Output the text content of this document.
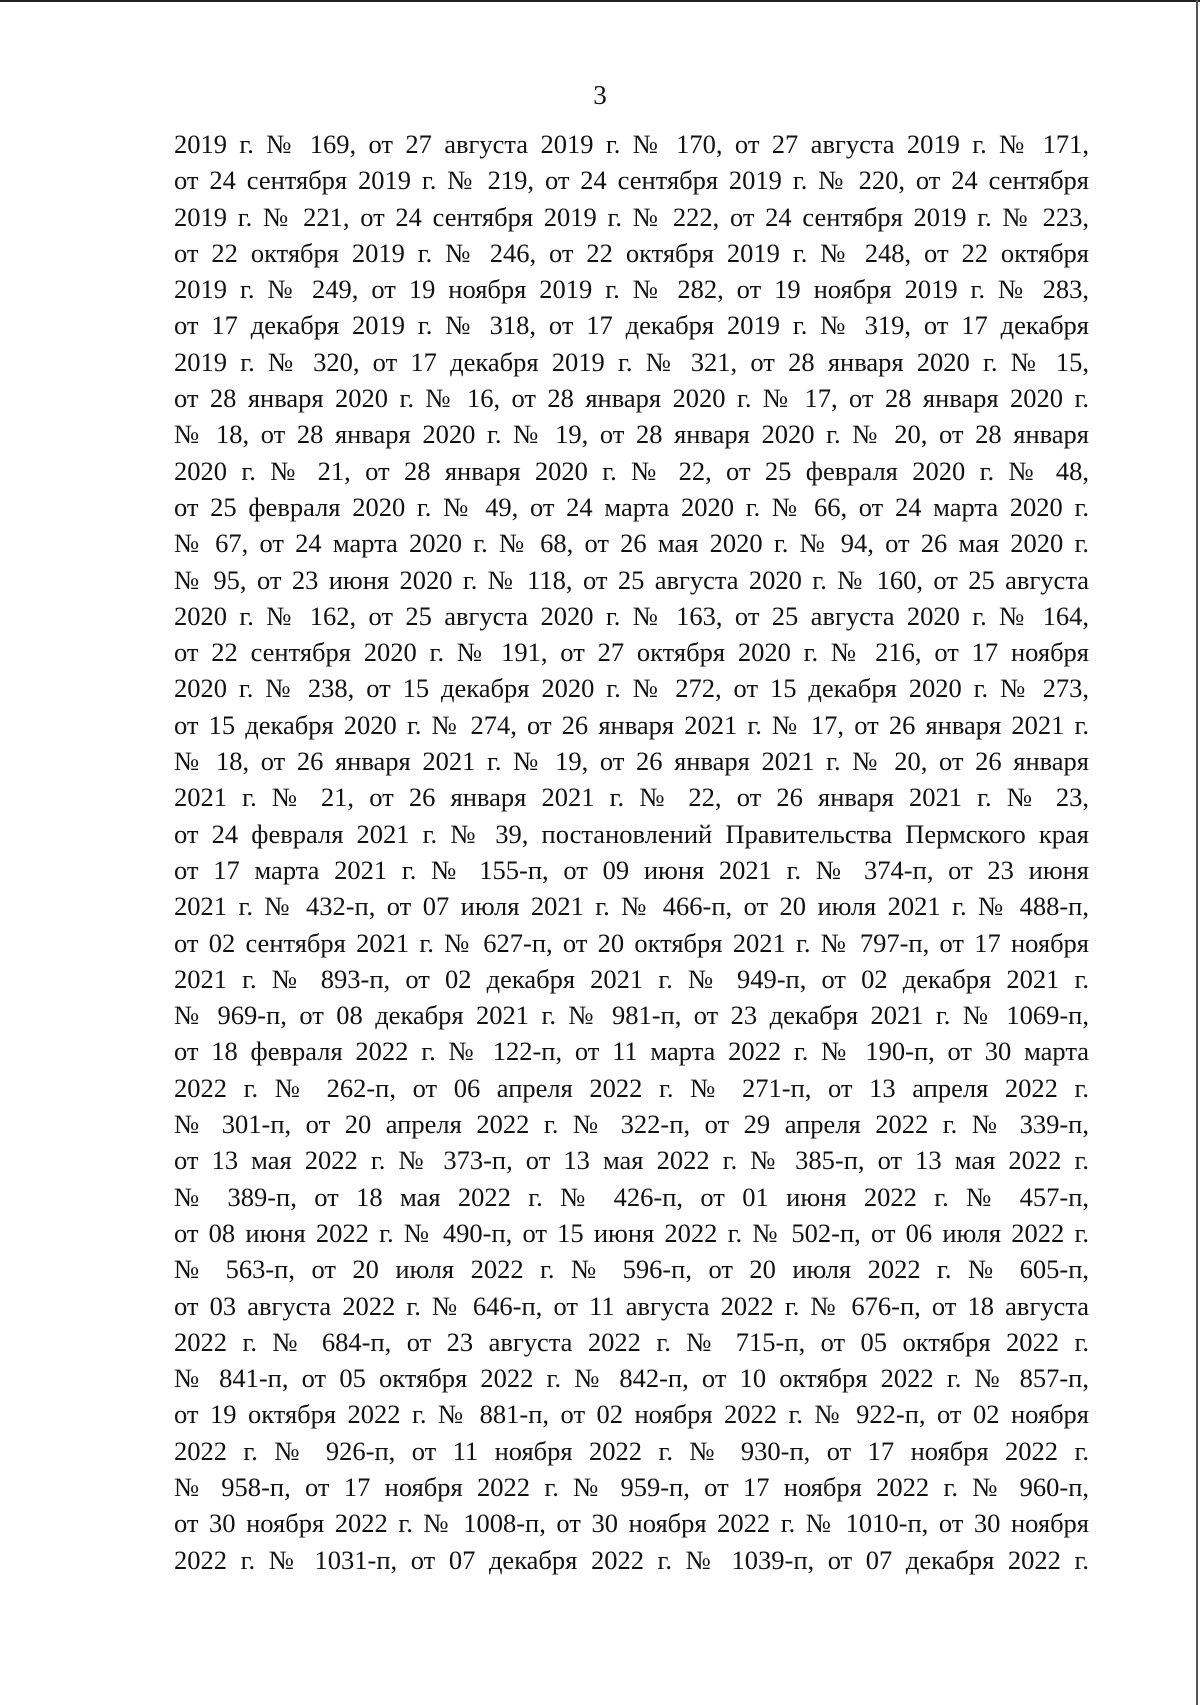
3
2019 г. № 169, от 27 августа 2019 г. № 170, от 27 августа 2019 г. № 171,
от 24 сентября 2019 г. № 219, от 24 сентября 2019 г. № 220, от 24 сентября
2019 г. № 221, от 24 сентября 2019 г. № 222, от 24 сентября 2019 г. № 223,
от 22 октября 2019 г. № 246, от 22 октября 2019 г. № 248, от 22 октября
2019 г. № 249, от 19 ноября 2019 г. № 282, от 19 ноября 2019 г. № 283,
от 17 декабря 2019 г. № 318, от 17 декабря 2019 г. № 319, от 17 декабря
2019 г. № 320, от 17 декабря 2019 г. № 321, от 28 января 2020 г. № 15,
от 28 января 2020 г. № 16, от 28 января 2020 г. № 17, от 28 января 2020 г.
№ 18, от 28 января 2020 г. № 19, от 28 января 2020 г. № 20, от 28 января
2020 г. № 21, от 28 января 2020 г. № 22, от 25 февраля 2020 г. № 48,
от 25 февраля 2020 г. № 49, от 24 марта 2020 г. № 66, от 24 марта 2020 г.
№ 67, от 24 марта 2020 г. № 68, от 26 мая 2020 г. № 94, от 26 мая 2020 г.
№ 95, от 23 июня 2020 г. № 118, от 25 августа 2020 г. № 160, от 25 августа
2020 г. № 162, от 25 августа 2020 г. № 163, от 25 августа 2020 г. № 164,
от 22 сентября 2020 г. № 191, от 27 октября 2020 г. № 216, от 17 ноября
2020 г. № 238, от 15 декабря 2020 г. № 272, от 15 декабря 2020 г. № 273,
от 15 декабря 2020 г. № 274, от 26 января 2021 г. № 17, от 26 января 2021 г.
№ 18, от 26 января 2021 г. № 19, от 26 января 2021 г. № 20, от 26 января
2021 г. № 21, от 26 января 2021 г. № 22, от 26 января 2021 г. № 23,
от 24 февраля 2021 г. № 39, постановлений Правительства Пермского края
от 17 марта 2021 г. № 155-п, от 09 июня 2021 г. № 374-п, от 23 июня
2021 г. № 432-п, от 07 июля 2021 г. № 466-п, от 20 июля 2021 г. № 488-п,
от 02 сентября 2021 г. № 627-п, от 20 октября 2021 г. № 797-п, от 17 ноября
2021 г. № 893-п, от 02 декабря 2021 г. № 949-п, от 02 декабря 2021 г.
№ 969-п, от 08 декабря 2021 г. № 981-п, от 23 декабря 2021 г. № 1069-п,
от 18 февраля 2022 г. № 122-п, от 11 марта 2022 г. № 190-п, от 30 марта
2022 г. № 262-п, от 06 апреля 2022 г. № 271-п, от 13 апреля 2022 г.
№ 301-п, от 20 апреля 2022 г. № 322-п, от 29 апреля 2022 г. № 339-п,
от 13 мая 2022 г. № 373-п, от 13 мая 2022 г. № 385-п, от 13 мая 2022 г.
№ 389-п, от 18 мая 2022 г. № 426-п, от 01 июня 2022 г. № 457-п,
от 08 июня 2022 г. № 490-п, от 15 июня 2022 г. № 502-п, от 06 июля 2022 г.
№ 563-п, от 20 июля 2022 г. № 596-п, от 20 июля 2022 г. № 605-п,
от 03 августа 2022 г. № 646-п, от 11 августа 2022 г. № 676-п, от 18 августа
2022 г. № 684-п, от 23 августа 2022 г. № 715-п, от 05 октября 2022 г.
№ 841-п, от 05 октября 2022 г. № 842-п, от 10 октября 2022 г. № 857-п,
от 19 октября 2022 г. № 881-п, от 02 ноября 2022 г. № 922-п, от 02 ноября
2022 г. № 926-п, от 11 ноября 2022 г. № 930-п, от 17 ноября 2022 г.
№ 958-п, от 17 ноября 2022 г. № 959-п, от 17 ноября 2022 г. № 960-п,
от 30 ноября 2022 г. № 1008-п, от 30 ноября 2022 г. № 1010-п, от 30 ноября
2022 г. № 1031-п, от 07 декабря 2022 г. № 1039-п, от 07 декабря 2022 г.
